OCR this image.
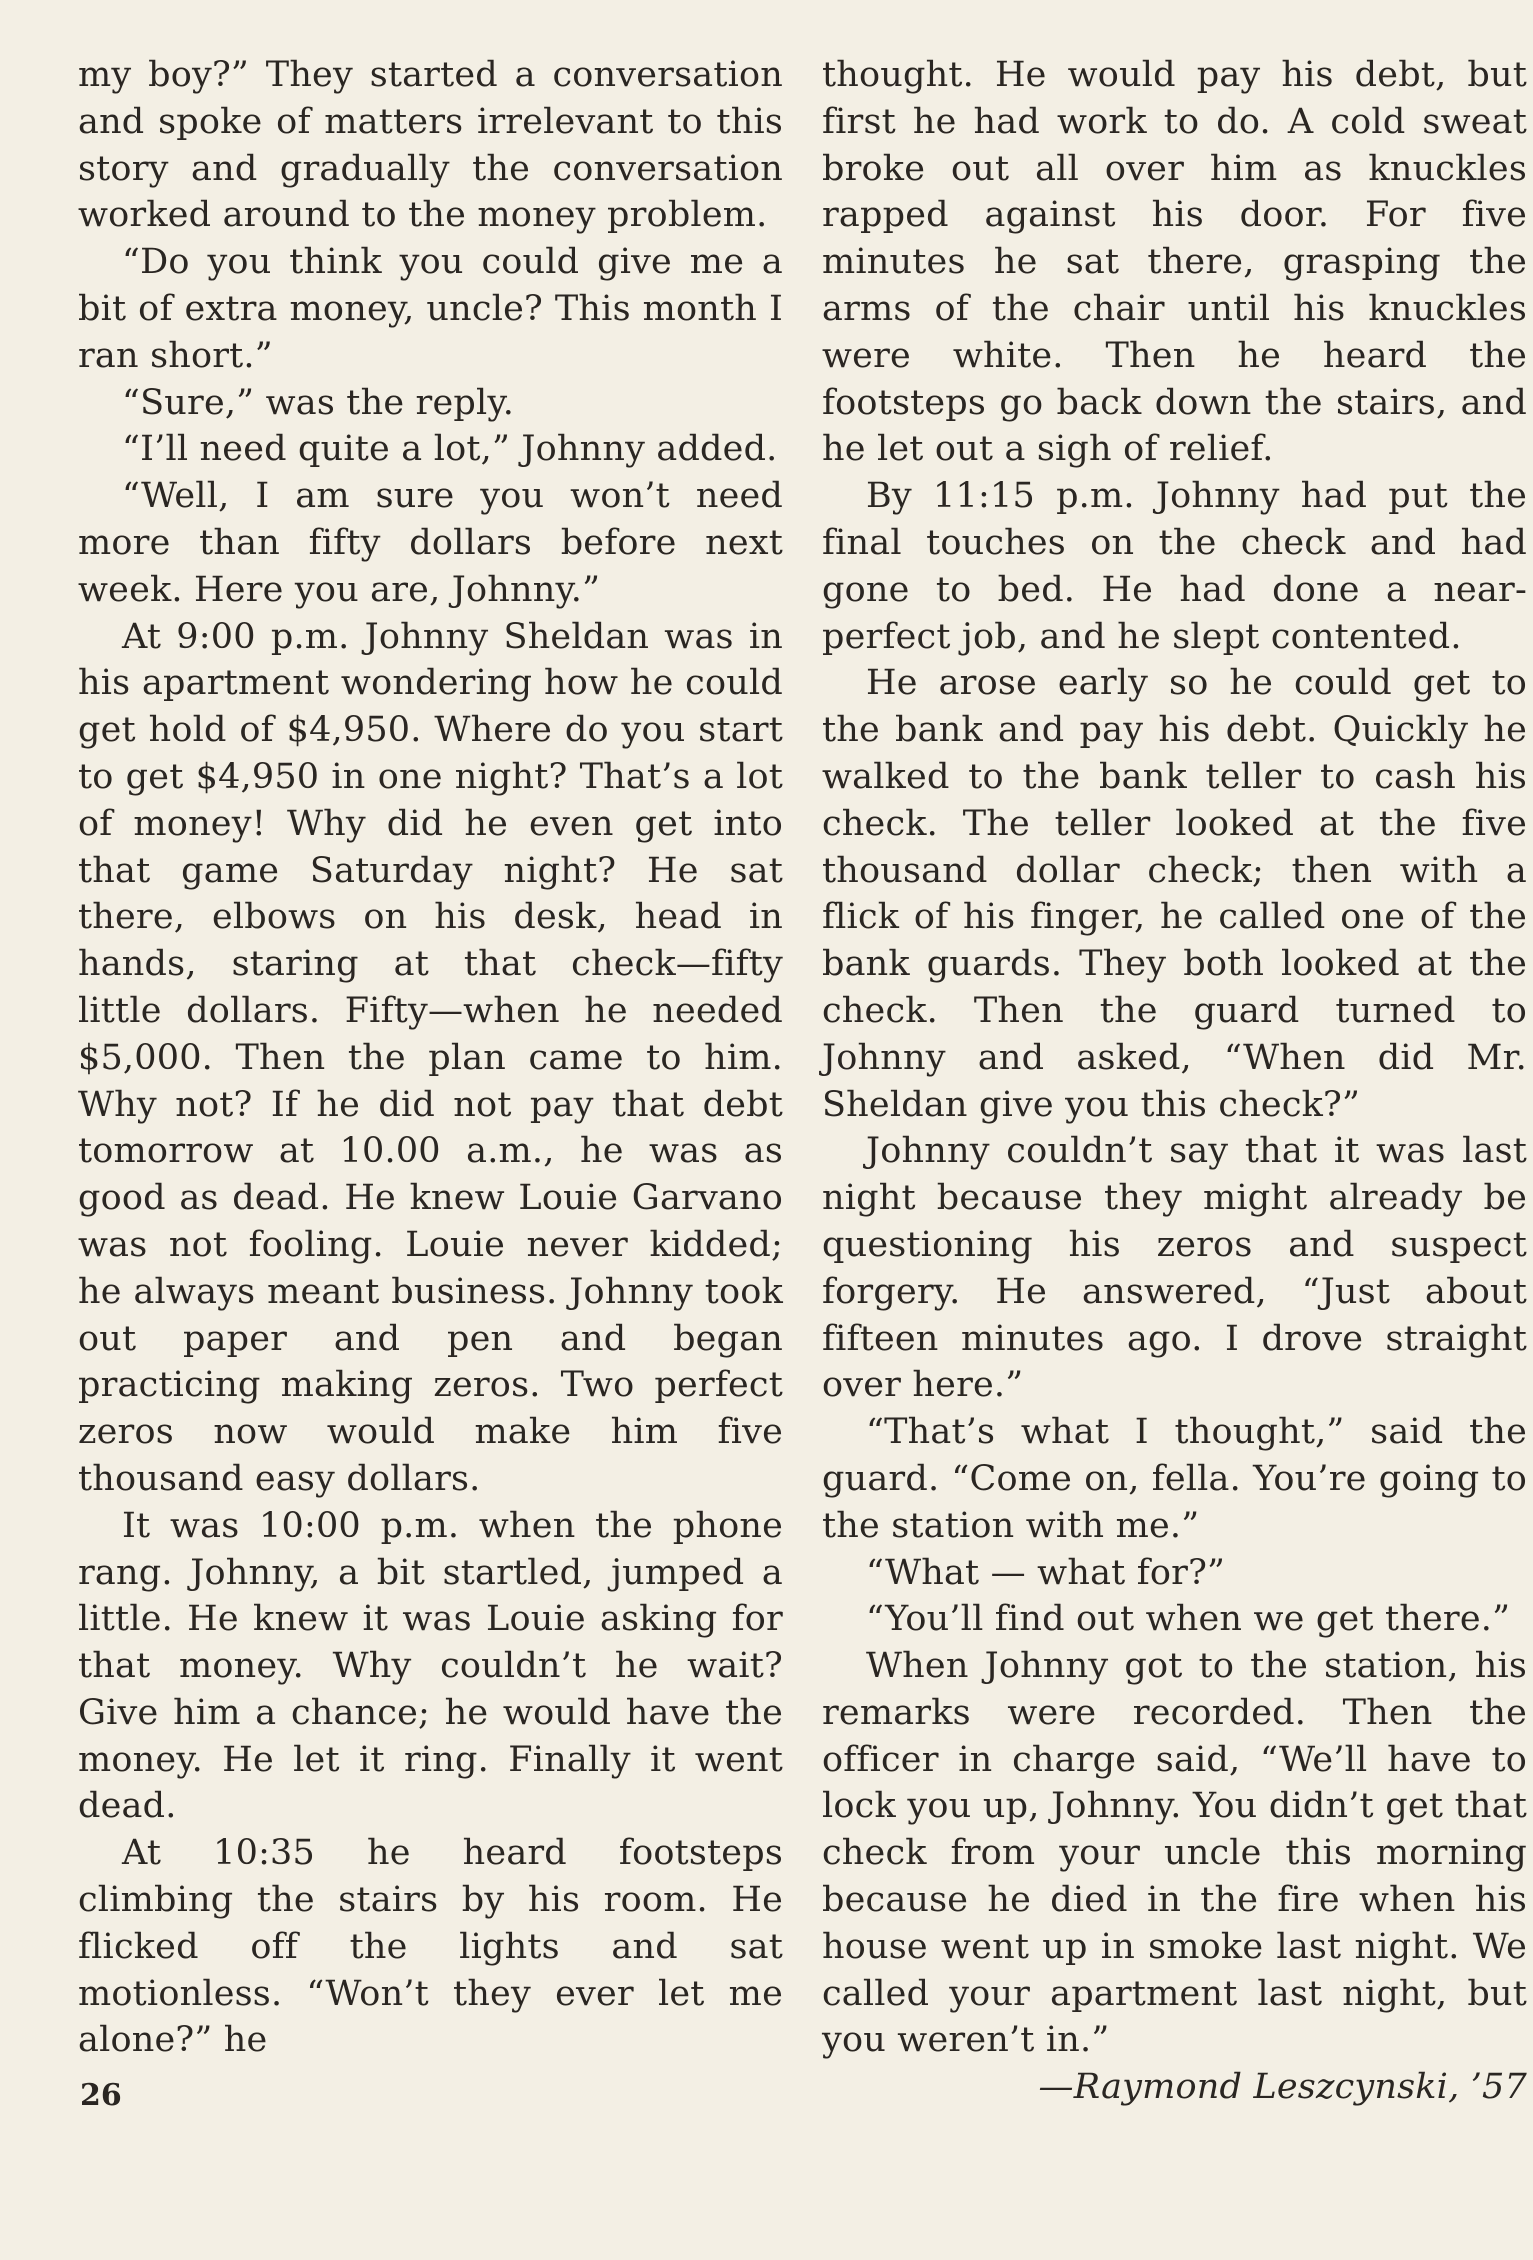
my boy?” They started a conversation and spoke of matters irrelevant to this story and gradually the conversation worked around to the money problem.

“Do you think you could give me a bit of extra money, uncle? This month I ran short.”

“Sure,” was the reply.

“I’ll need quite a lot,” Johnny added.

“Well, I am sure you won’t need more than fifty dollars before next week. Here you are, Johnny.”

At 9:00 p.m. Johnny Sheldan was in his apartment wondering how he could get hold of $4,950. Where do you start to get $4,950 in one night? That’s a lot of money! Why did he even get into that game Saturday night? He sat there, elbows on his desk, head in hands, staring at that check—fifty little dollars. Fifty—when he needed $5,000. Then the plan came to him. Why not? If he did not pay that debt tomorrow at 10.00 a.m., he was as good as dead. He knew Louie Garvano was not fooling. Louie never kidded; he always meant business. Johnny took out paper and pen and began practicing making zeros. Two perfect zeros now would make him five thousand easy dollars.

It was 10:00 p.m. when the phone rang. Johnny, a bit startled, jumped a little. He knew it was Louie asking for that money. Why couldn’t he wait? Give him a chance; he would have the money. He let it ring. Finally it went dead.

At 10:35 he heard footsteps climbing the stairs by his room. He flicked off the lights and sat motionless. “Won’t they ever let me alone?” he

thought. He would pay his debt, but first he had work to do. A cold sweat broke out all over him as knuckles rapped against his door. For five minutes he sat there, grasping the arms of the chair until his knuckles were white. Then he heard the footsteps go back down the stairs, and he let out a sigh of relief.

By 11:15 p.m. Johnny had put the final touches on the check and had gone to bed. He had done a near-perfect job, and he slept contented.

He arose early so he could get to the bank and pay his debt. Quickly he walked to the bank teller to cash his check. The teller looked at the five thousand dollar check; then with a flick of his finger, he called one of the bank guards. They both looked at the check. Then the guard turned to Johnny and asked, “When did Mr. Sheldan give you this check?”

Johnny couldn’t say that it was last night because they might already be questioning his zeros and suspect forgery. He answered, “Just about fifteen minutes ago. I drove straight over here.”

“That’s what I thought,” said the guard. “Come on, fella. You’re going to the station with me.”

“What — what for?”

“You’ll find out when we get there.”

When Johnny got to the station, his remarks were recorded. Then the officer in charge said, “We’ll have to lock you up, Johnny. You didn’t get that check from your uncle this morning because he died in the fire when his house went up in smoke last night. We called your apartment last night, but you weren’t in.”

—Raymond Leszcynski, ’57

26
